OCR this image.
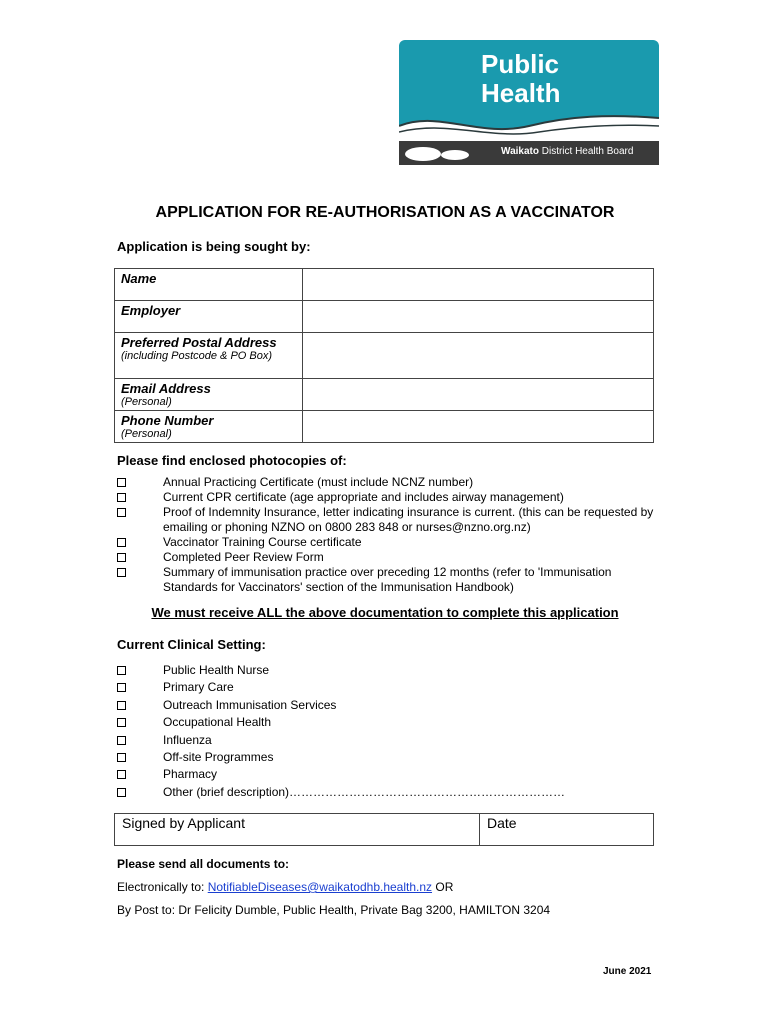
Public
Health
Waikato District Health Board
APPLICATION FOR RE-AUTHORISATION AS A VACCINATOR
Application is being sought by:
Name	

Employer	

Preferred Postal Address
(including Postcode & PO Box)	

Email Address
(Personal)	

Phone Number
(Personal)	

Please find enclosed photocopies of:
Annual Practicing Certificate (must include NCNZ number)
Current CPR certificate (age appropriate and includes airway management)
Proof of Indemnity Insurance, letter indicating insurance is current. (this can be requested by emailing or phoning NZNO on 0800 283 848 or nurses@nzno.org.nz)
Vaccinator Training Course certificate
Completed Peer Review Form
Summary of immunisation practice over preceding 12 months (refer to 'Immunisation Standards for Vaccinators' section of the Immunisation Handbook)
We must receive ALL the above documentation to complete this application
Current Clinical Setting:
Public Health Nurse
Primary Care
Outreach Immunisation Services
Occupational Health
Influenza
Off-site Programmes
Pharmacy
Other (brief description)……………………………………………………………
Signed by Applicant	Date
Please send all documents to:
Electronically to: NotifiableDiseases@waikatodhb.health.nz OR
By Post to: Dr Felicity Dumble, Public Health, Private Bag 3200, HAMILTON 3204
June 2021
